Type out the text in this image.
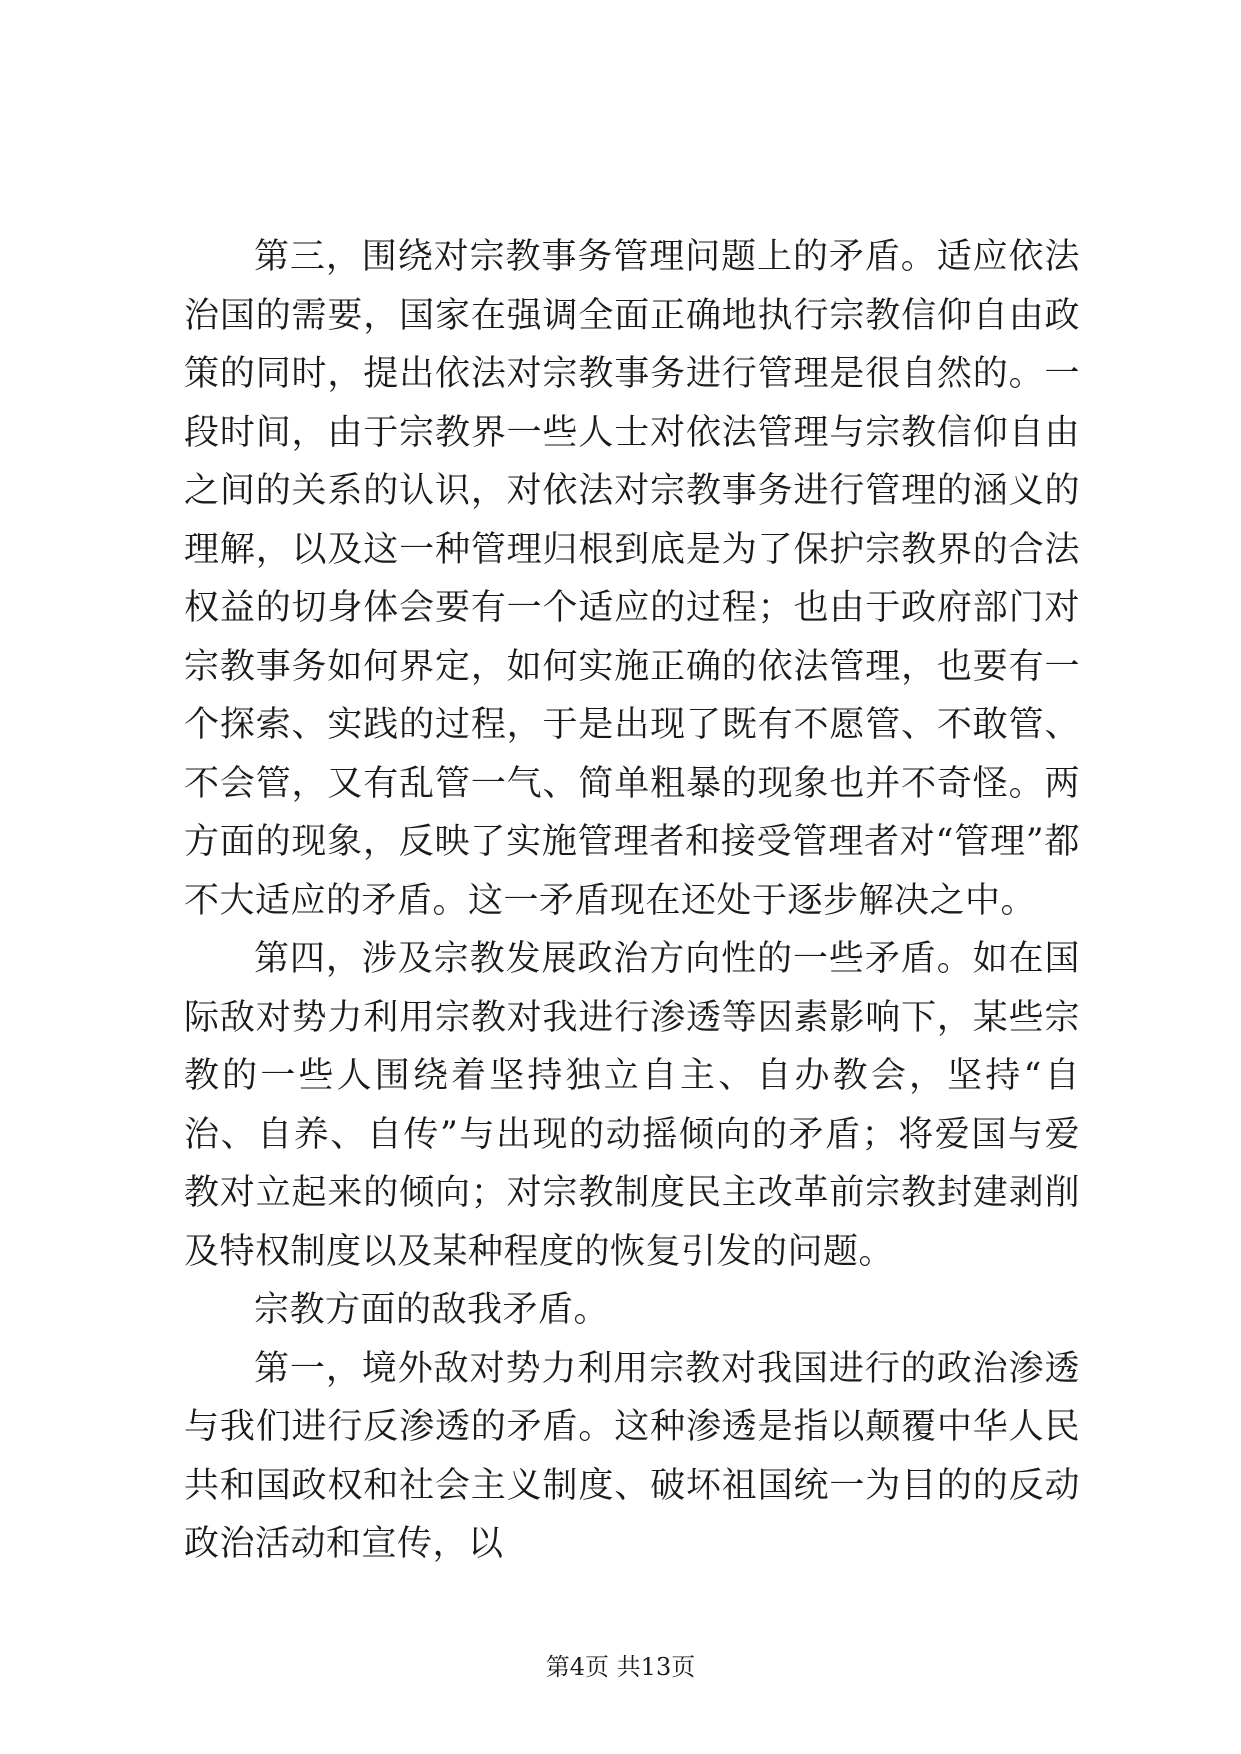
第三，围绕对宗教事务管理问题上的矛盾。适应依法治国的需要，国家在强调全面正确地执行宗教信仰自由政策的同时，提出依法对宗教事务进行管理是很自然的。一段时间，由于宗教界一些人士对依法管理与宗教信仰自由之间的关系的认识，对依法对宗教事务进行管理的涵义的理解，以及这一种管理归根到底是为了保护宗教界的合法权益的切身体会要有一个适应的过程；也由于政府部门对宗教事务如何界定，如何实施正确的依法管理，也要有一个探索、实践的过程，于是出现了既有不愿管、不敢管、不会管，又有乱管一气、简单粗暴的现象也并不奇怪。两方面的现象，反映了实施管理者和接受管理者对“管理”都不大适应的矛盾。这一矛盾现在还处于逐步解决之中。

第四，涉及宗教发展政治方向性的一些矛盾。如在国际敌对势力利用宗教对我进行渗透等因素影响下，某些宗教的一些人围绕着坚持独立自主、自办教会，坚持“自治、自养、自传”与出现的动摇倾向的矛盾；将爱国与爱教对立起来的倾向；对宗教制度民主改革前宗教封建剥削及特权制度以及某种程度的恢复引发的问题。

宗教方面的敌我矛盾。

第一，境外敌对势力利用宗教对我国进行的政治渗透与我们进行反渗透的矛盾。这种渗透是指以颠覆中华人民共和国政权和社会主义制度、破坏祖国统一为目的的反动政治活动和宣传，以

第4页 共13页
